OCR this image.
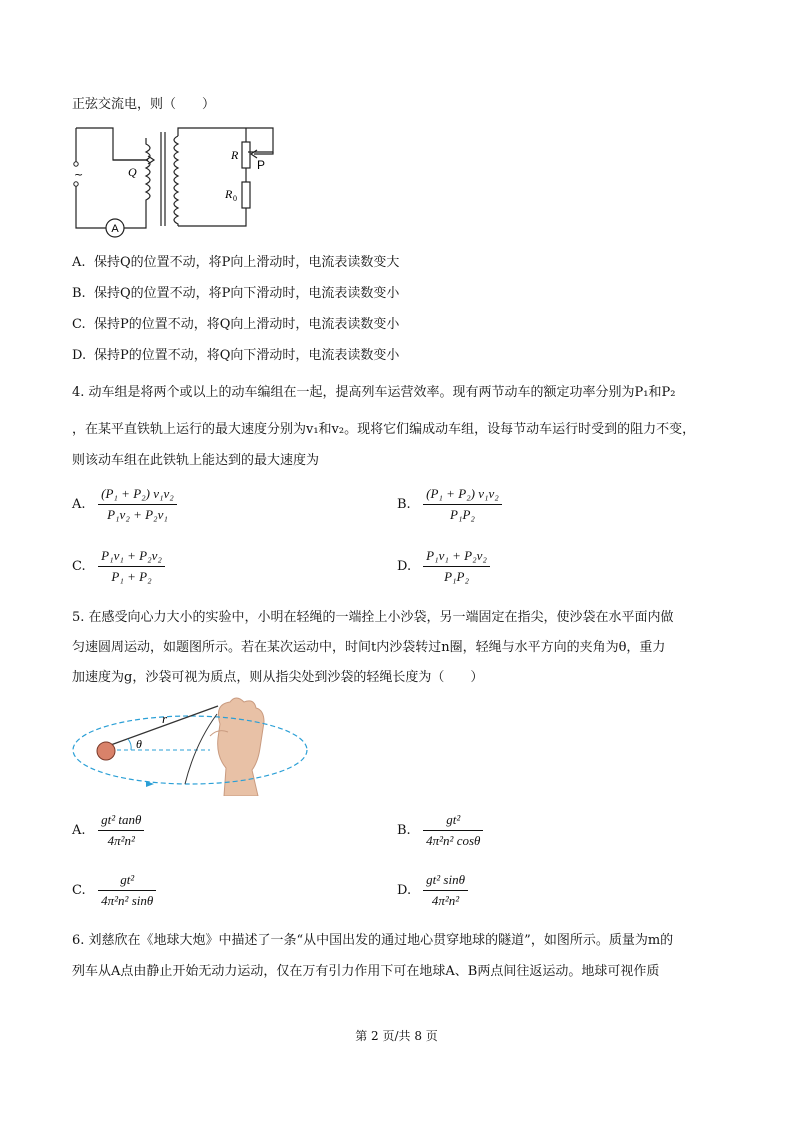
正弦交流电，则（　　）
A
~	Q
R
P
R 0
A. 保持Q的位置不动，将P向上滑动时，电流表读数变大
B. 保持Q的位置不动，将P向下滑动时，电流表读数变小
C. 保持P的位置不动，将Q向上滑动时，电流表读数变小
D. 保持P的位置不动，将Q向下滑动时，电流表读数变小
4. 动车组是将两个或以上的动车编组在一起，提高列车运营效率。现有两节动车的额定功率分别为P₁和P₂
，在某平直铁轨上运行的最大速度分别为v₁和v₂。现将它们编成动车组，设每节动车运行时受到的阻力不变，
则该动车组在此铁轨上能达到的最大速度为
A. $\frac{\text{(P₁ + P₂) v₁v₂}}{\text{P₁v₂ + P₂v₁}}$	B. $\frac{\text{(P₁ + P₂) v₁v₂}}{\text{P₁P₂}}$
C. $\frac{\text{P₁v₁ + P₂v₂}}{\text{P₁ + P₂}}$	D. $\frac{\text{P₁v₁ + P₂v₂}}{\text{P₁P₂}}$
5. 在感受向心力大小的实验中，小明在轻绳的一端拴上小沙袋，另一端固定在指尖，使沙袋在水平面内做
匀速圆周运动，如题图所示。若在某次运动中，时间t内沙袋转过n圈，轻绳与水平方向的夹角为θ，重力
加速度为g，沙袋可视为质点，则从指尖处到沙袋的轻绳长度为（　　）
r
θ
A. $\frac{\text{gt² tanθ}}{\text{4π²n²}}$	B. $\frac{\text{gt²}}{\text{4π²n² cosθ}}$
C. $\frac{\text{gt²}}{\text{4π²n² sinθ}}$	D. $\frac{\text{gt² sinθ}}{\text{4π²n²}}$
6. 刘慈欣在《地球大炮》中描述了一条“从中国出发的通过地心贯穿地球的隧道”，如图所示。质量为m的
列车从A点由静止开始无动力运动，仅在万有引力作用下可在地球A、B两点间往返运动。地球可视作质
第 2 页/共 8 页
